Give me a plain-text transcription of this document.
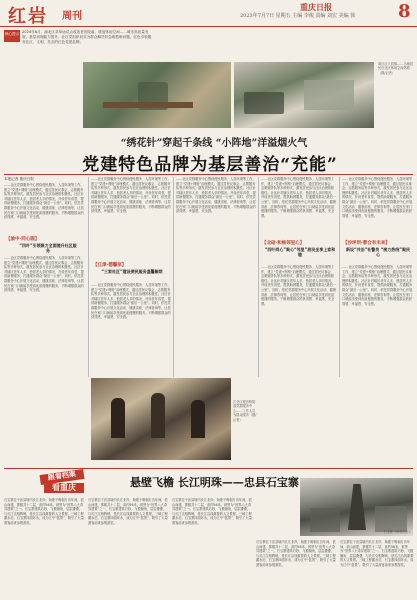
红岩 周刊
重庆日报
2023年7月7日 星期五 主编 李俊 责编 刘宏 美编 徐	8
核心提示 2024年6月，渝北区莘草场试点改造老旧院落，增加休闲空间……城市高质量发展，基层治理能力提升，社区党组织切实为群众解决好急难愁盼问题，红色引领服务社区、文明、亮点的红色党建品牌。
南川区大同镇……当地居民在社区休闲空间休憩（摄/记者）
“绣花针”穿起千条线 “小阵地”洋溢烟火气
党建特色品牌为基层善治“充能”
本报记者 重庆日报
……社区党群服务中心围绕便民服务、人居环境等工作，建立“党建+网格”治理模式，通过居民议事会、志愿服务队等多种形式，激发居民参与社区治理的积极性。社区针对辖区老年人多、独居老人多的情况，开设老年食堂，提供助餐服务，打通服务群众“最后一公里”。同时，依托党群服务中心开展文化活动、健康讲座、法律咨询等，让居民在家门口就能享受到优质便捷的服务，不断增强群众的获得感、幸福感、安全感。
【渝中·同心圆】
“四叶”引领聚力全面提升社区服务
……社区党群服务中心围绕便民服务、人居环境等工作，建立“党建+网格”治理模式，通过居民议事会、志愿服务队等多种形式，激发居民参与社区治理的积极性。社区针对辖区老年人多、独居老人多的情况，开设老年食堂，提供助餐服务，打通服务群众“最后一公里”。同时，依托党群服务中心开展文化活动、健康讲座、法律咨询等，让居民在家门口就能享受到优质便捷的服务，不断增强群众的获得感、幸福感、安全感。
……社区党群服务中心围绕便民服务、人居环境等工作，建立“党建+网格”治理模式，通过居民议事会、志愿服务队等多种形式，激发居民参与社区治理的积极性。社区针对辖区老年人多、独居老人多的情况，开设老年食堂，提供助餐服务，打通服务群众“最后一公里”。同时，依托党群服务中心开展文化活动、健康讲座、法律咨询等，让居民在家门口就能享受到优质便捷的服务，不断增强群众的获得感、幸福感、安全感。
【江津·德馨家】
“三家社区”建设便民服务温馨解烦
……社区党群服务中心围绕便民服务、人居环境等工作，建立“党建+网格”治理模式，通过居民议事会、志愿服务队等多种形式，激发居民参与社区治理的积极性。社区针对辖区老年人多、独居老人多的情况，开设老年食堂，提供助餐服务，打通服务群众“最后一公里”。同时，依托党群服务中心开展文化活动、健康讲座、法律咨询等，让居民在家门口就能享受到优质便捷的服务，不断增强群众的获得感、幸福感、安全感。
……社区党群服务中心围绕便民服务、人居环境等工作，建立“党建+网格”治理模式，通过居民议事会、志愿服务队等多种形式，激发居民参与社区治理的积极性。社区针对辖区老年人多、独居老人多的情况，开设老年食堂，提供助餐服务，打通服务群众“最后一公里”。同时，依托党群服务中心开展文化活动、健康讲座、法律咨询等，让居民在家门口就能享受到优质便捷的服务，不断增强群众的获得感、幸福感、安全感。
……社区党群服务中心围绕便民服务、人居环境等工作，建立“党建+网格”治理模式，通过居民议事会、志愿服务队等多种形式，激发居民参与社区治理的积极性。社区针对辖区老年人多、独居老人多的情况，开设老年食堂，提供助餐服务，打通服务群众“最后一公里”。同时，依托党群服务中心开展文化活动、健康讲座、法律咨询等，让居民在家门口就能享受到优质便捷的服务，不断增强群众的获得感、幸福感、安全感。
【北碚·和畅邻里心】
“四叶同心”聚心“邻里”居民坐享上家和睦
……社区党群服务中心围绕便民服务、人居环境等工作，建立“党建+网格”治理模式，通过居民议事会、志愿服务队等多种形式，激发居民参与社区治理的积极性。社区针对辖区老年人多、独居老人多的情况，开设老年食堂，提供助餐服务，打通服务群众“最后一公里”。同时，依托党群服务中心开展文化活动、健康讲座、法律咨询等，让居民在家门口就能享受到优质便捷的服务，不断增强群众的获得感、幸福感、安全感。
……社区党群服务中心围绕便民服务、人居环境等工作，建立“党建+网格”治理模式，通过居民议事会、志愿服务队等多种形式，激发居民参与社区治理的积极性。社区针对辖区老年人多、独居老人多的情况，开设老年食堂，提供助餐服务，打通服务群众“最后一公里”。同时，依托党群服务中心开展文化活动、健康讲座、法律咨询等，让居民在家门口就能享受到优质便捷的服务，不断增强群众的获得感、幸福感、安全感。
【沙坪坝·蓉合有未来】
新设“共治”社警员 “接力热线”聚民心
……社区党群服务中心围绕便民服务、人居环境等工作，建立“党建+网格”治理模式，通过居民议事会、志愿服务队等多种形式，激发居民参与社区治理的积极性。社区针对辖区老年人多、独居老人多的情况，开设老年食堂，提供助餐服务，打通服务群众“最后一公里”。同时，依托党群服务中心开展文化活动、健康讲座、法律咨询等，让居民在家门口就能享受到优质便捷的服务，不断增强群众的获得感、幸福感、安全感。
江北区观音桥街道党群服务中心……工作人员为群众服务（摄/记者）
跟着档案
看重庆	悬壁飞檐 长江明珠——忠县石宝寨
石宝寨位于忠县境内长江北岸，始建于明朝万历年间，依山而建，寨楼共十二层，高约56米，被誉为“世界八大奇异建筑”之一。石宝寨建筑巧妙，飞檐翘角，层层叠叠，与长江交相辉映，是长江沿线重要的人文景观。三峡工程蓄水后，石宝寨四面环水，成为江中“盆景”，吸引了大量游客前来参观游览。
石宝寨位于忠县境内长江北岸，始建于明朝万历年间，依山而建，寨楼共十二层，高约56米，被誉为“世界八大奇异建筑”之一。石宝寨建筑巧妙，飞檐翘角，层层叠叠，与长江交相辉映，是长江沿线重要的人文景观。三峡工程蓄水后，石宝寨四面环水，成为江中“盆景”，吸引了大量游客前来参观游览。
石宝寨位于忠县境内长江北岸，始建于明朝万历年间，依山而建，寨楼共十二层，高约56米，被誉为“世界八大奇异建筑”之一。石宝寨建筑巧妙，飞檐翘角，层层叠叠，与长江交相辉映，是长江沿线重要的人文景观。三峡工程蓄水后，石宝寨四面环水，成为江中“盆景”，吸引了大量游客前来参观游览。
石宝寨位于忠县境内长江北岸，始建于明朝万历年间，依山而建，寨楼共十二层，高约56米，被誉为“世界八大奇异建筑”之一。石宝寨建筑巧妙，飞檐翘角，层层叠叠，与长江交相辉映，是长江沿线重要的人文景观。三峡工程蓄水后，石宝寨四面环水，成为江中“盆景”，吸引了大量游客前来参观游览。
石宝寨位于忠县境内长江北岸，始建于明朝万历年间，依山而建，寨楼共十二层，高约56米，被誉为“世界八大奇异建筑”之一。石宝寨建筑巧妙，飞檐翘角，层层叠叠，与长江交相辉映，是长江沿线重要的人文景观。三峡工程蓄水后，石宝寨四面环水，成为江中“盆景”，吸引了大量游客前来参观游览。
石宝寨（资料图片）
